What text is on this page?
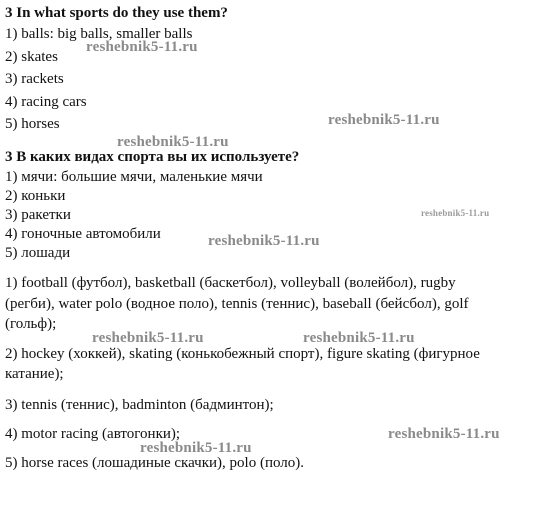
3 In what sports do they use them?
1) balls: big balls, smaller balls
2) skates
3) rackets
4) racing cars
5) horses
3 В каких видах спорта вы их используете?
1) мячи: большие мячи, маленькие мячи
2) коньки
3) ракетки
4) гоночные автомобили
5) лошади
1) football (футбол), basketball (баскетбол), volleyball (волейбол), rugby
(регби), water polo (водное поло), tennis (теннис), baseball (бейсбол), golf
(гольф);
2) hockey (хоккей), skating (конькобежный спорт), figure skating (фигурное
катание);
3) tennis (теннис), badminton (бадминтон);
4) motor racing (автогонки);
5) horse races (лошадиные скачки), polo (поло).
reshebnik5-11.ru
reshebnik5-11.ru
reshebnik5-11.ru
reshebnik5-11.ru
reshebnik5-11.ru
reshebnik5-11.ru	reshebnik5-11.ru
reshebnik5-11.ru
reshebnik5-11.ru
